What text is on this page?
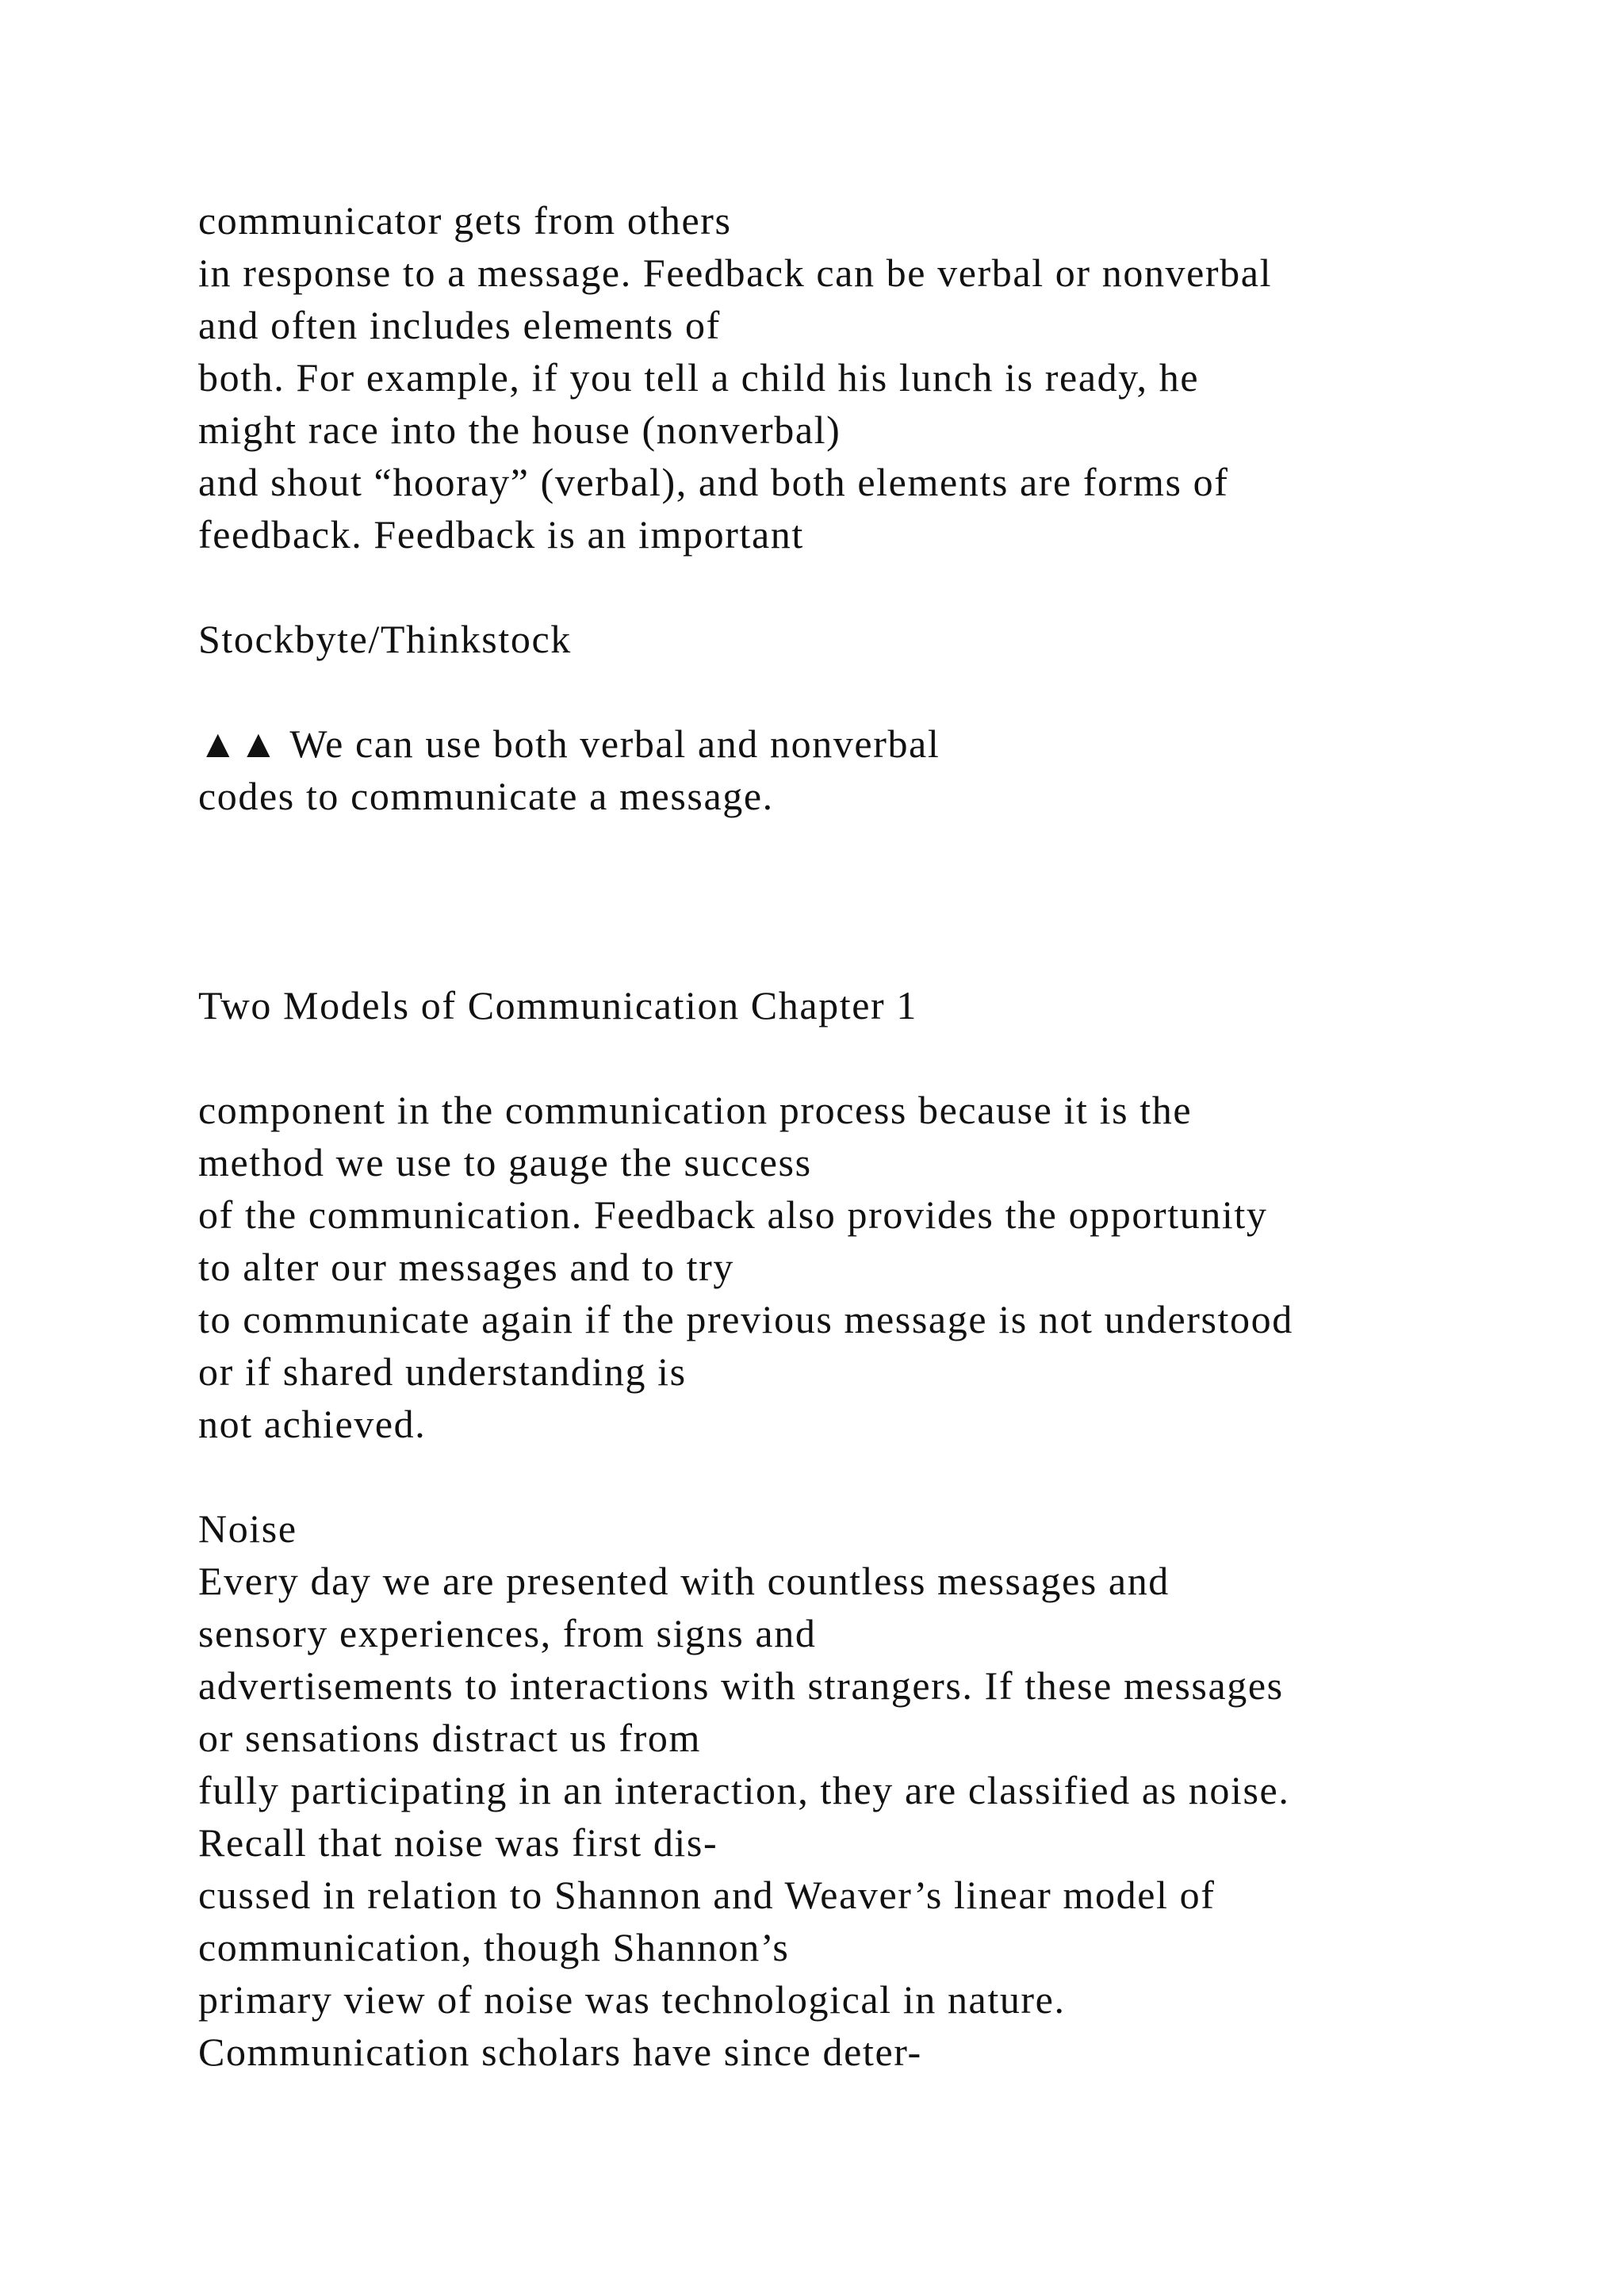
communicator gets from others
in response to a message. Feedback can be verbal or nonverbal
and often includes elements of
both. For example, if you tell a child his lunch is ready, he
might race into the house (nonverbal)
and shout “hooray” (verbal), and both elements are forms of
feedback. Feedback is an important
Stockbyte/Thinkstock
▲▲ We can use both verbal and nonverbal
codes to communicate a message.
Two Models of Communication Chapter 1
component in the communication process because it is the
method we use to gauge the success
of the communication. Feedback also provides the opportunity
to alter our messages and to try
to communicate again if the previous message is not understood
or if shared understanding is
not achieved.
Noise
Every day we are presented with countless messages and
sensory experiences, from signs and
advertisements to interactions with strangers. If these messages
or sensations distract us from
fully participating in an interaction, they are classified as noise.
Recall that noise was first dis-
cussed in relation to Shannon and Weaver’s linear model of
communication, though Shannon’s
primary view of noise was technological in nature.
Communication scholars have since deter-
